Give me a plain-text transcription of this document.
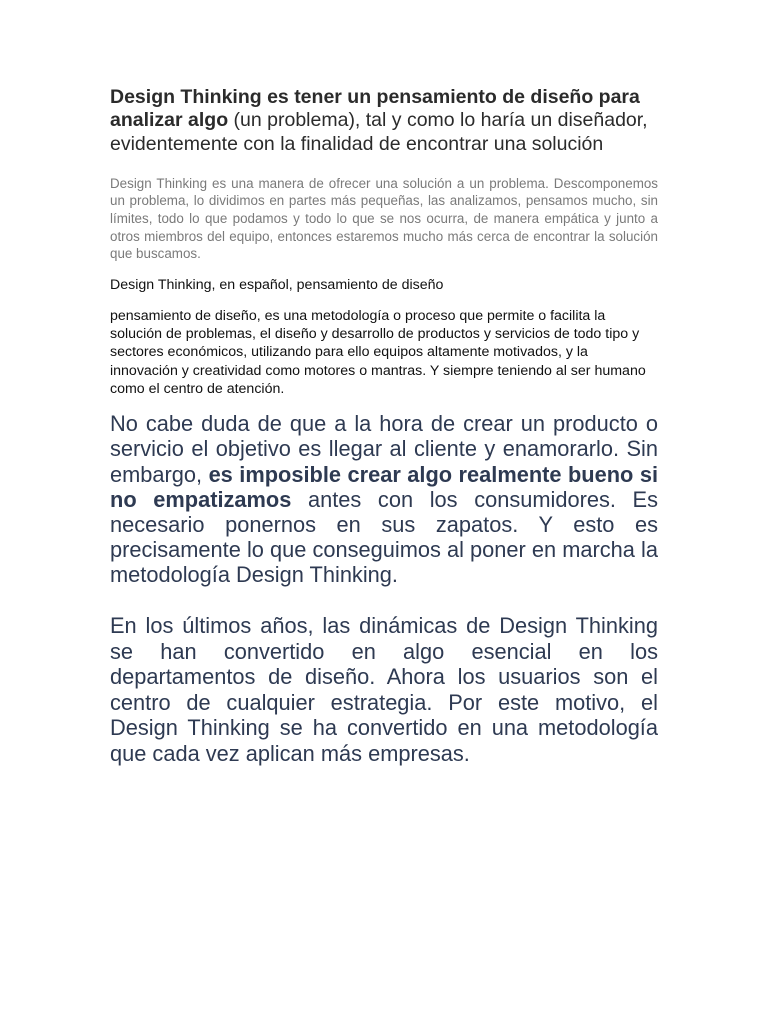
Design Thinking es tener un pensamiento de diseño para analizar algo (un problema), tal y como lo haría un diseñador, evidentemente con la finalidad de encontrar una solución

Design Thinking es una manera de ofrecer una solución a un problema. Descomponemos un problema, lo dividimos en partes más pequeñas, las analizamos, pensamos mucho, sin límites, todo lo que podamos y todo lo que se nos ocurra, de manera empática y junto a otros miembros del equipo, entonces estaremos mucho más cerca de encontrar la solución que buscamos.

Design Thinking, en español, pensamiento de diseño

pensamiento de diseño, es una metodología o proceso que permite o facilita la solución de problemas, el diseño y desarrollo de productos y servicios de todo tipo y sectores económicos, utilizando para ello equipos altamente motivados, y la innovación y creatividad como motores o mantras. Y siempre teniendo al ser humano como el centro de atención.

No cabe duda de que a la hora de crear un producto o servicio el objetivo es llegar al cliente y enamorarlo. Sin embargo, es imposible crear algo realmente bueno si no empatizamos antes con los consumidores. Es necesario ponernos en sus zapatos. Y esto es precisamente lo que conseguimos al poner en marcha la metodología Design Thinking.

En los últimos años, las dinámicas de Design Thinking se han convertido en algo esencial en los departamentos de diseño. Ahora los usuarios son el centro de cualquier estrategia. Por este motivo, el Design Thinking se ha convertido en una metodología que cada vez aplican más empresas.
